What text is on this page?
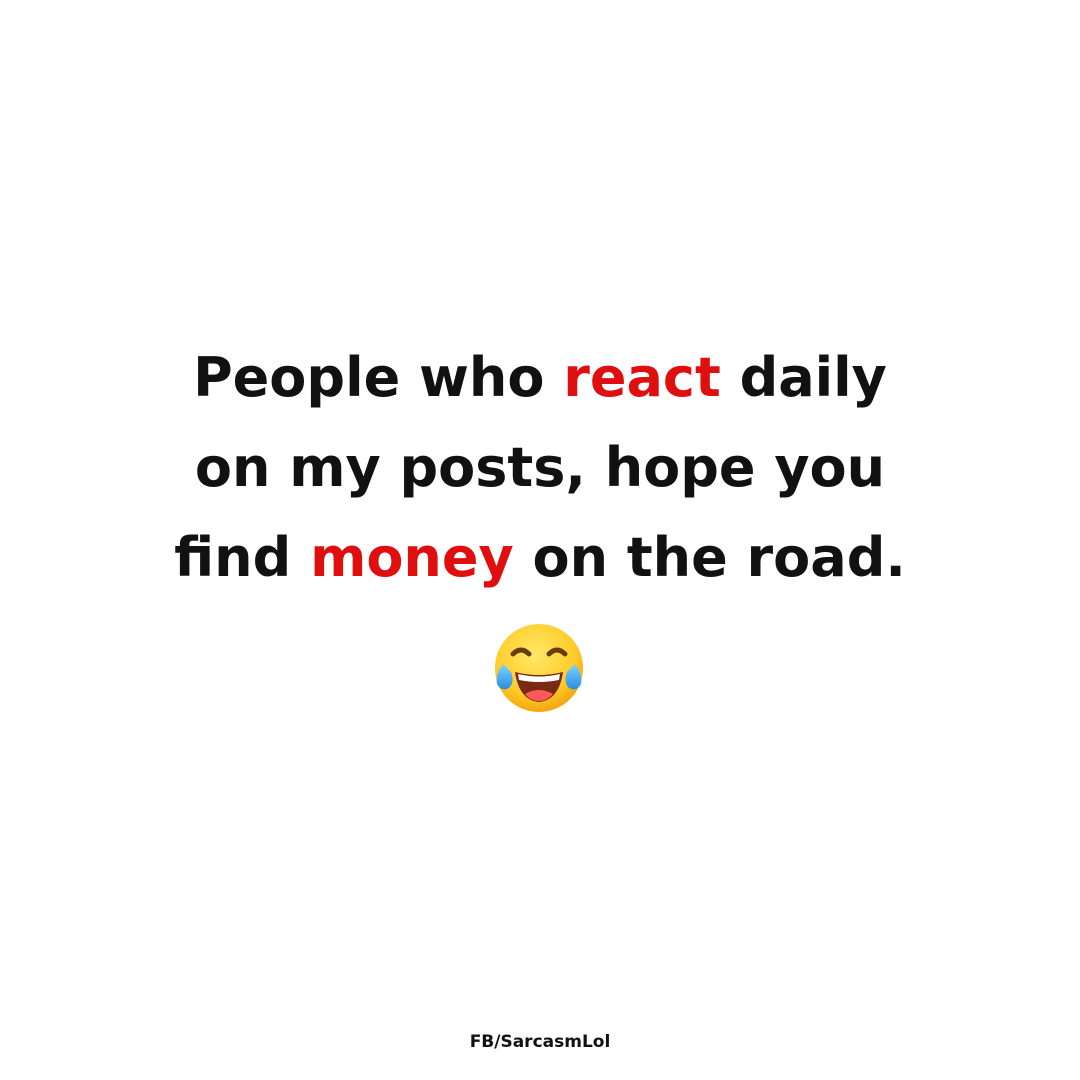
People who react daily
on my posts, hope you
find money on the road.
FB/SarcasmLol
